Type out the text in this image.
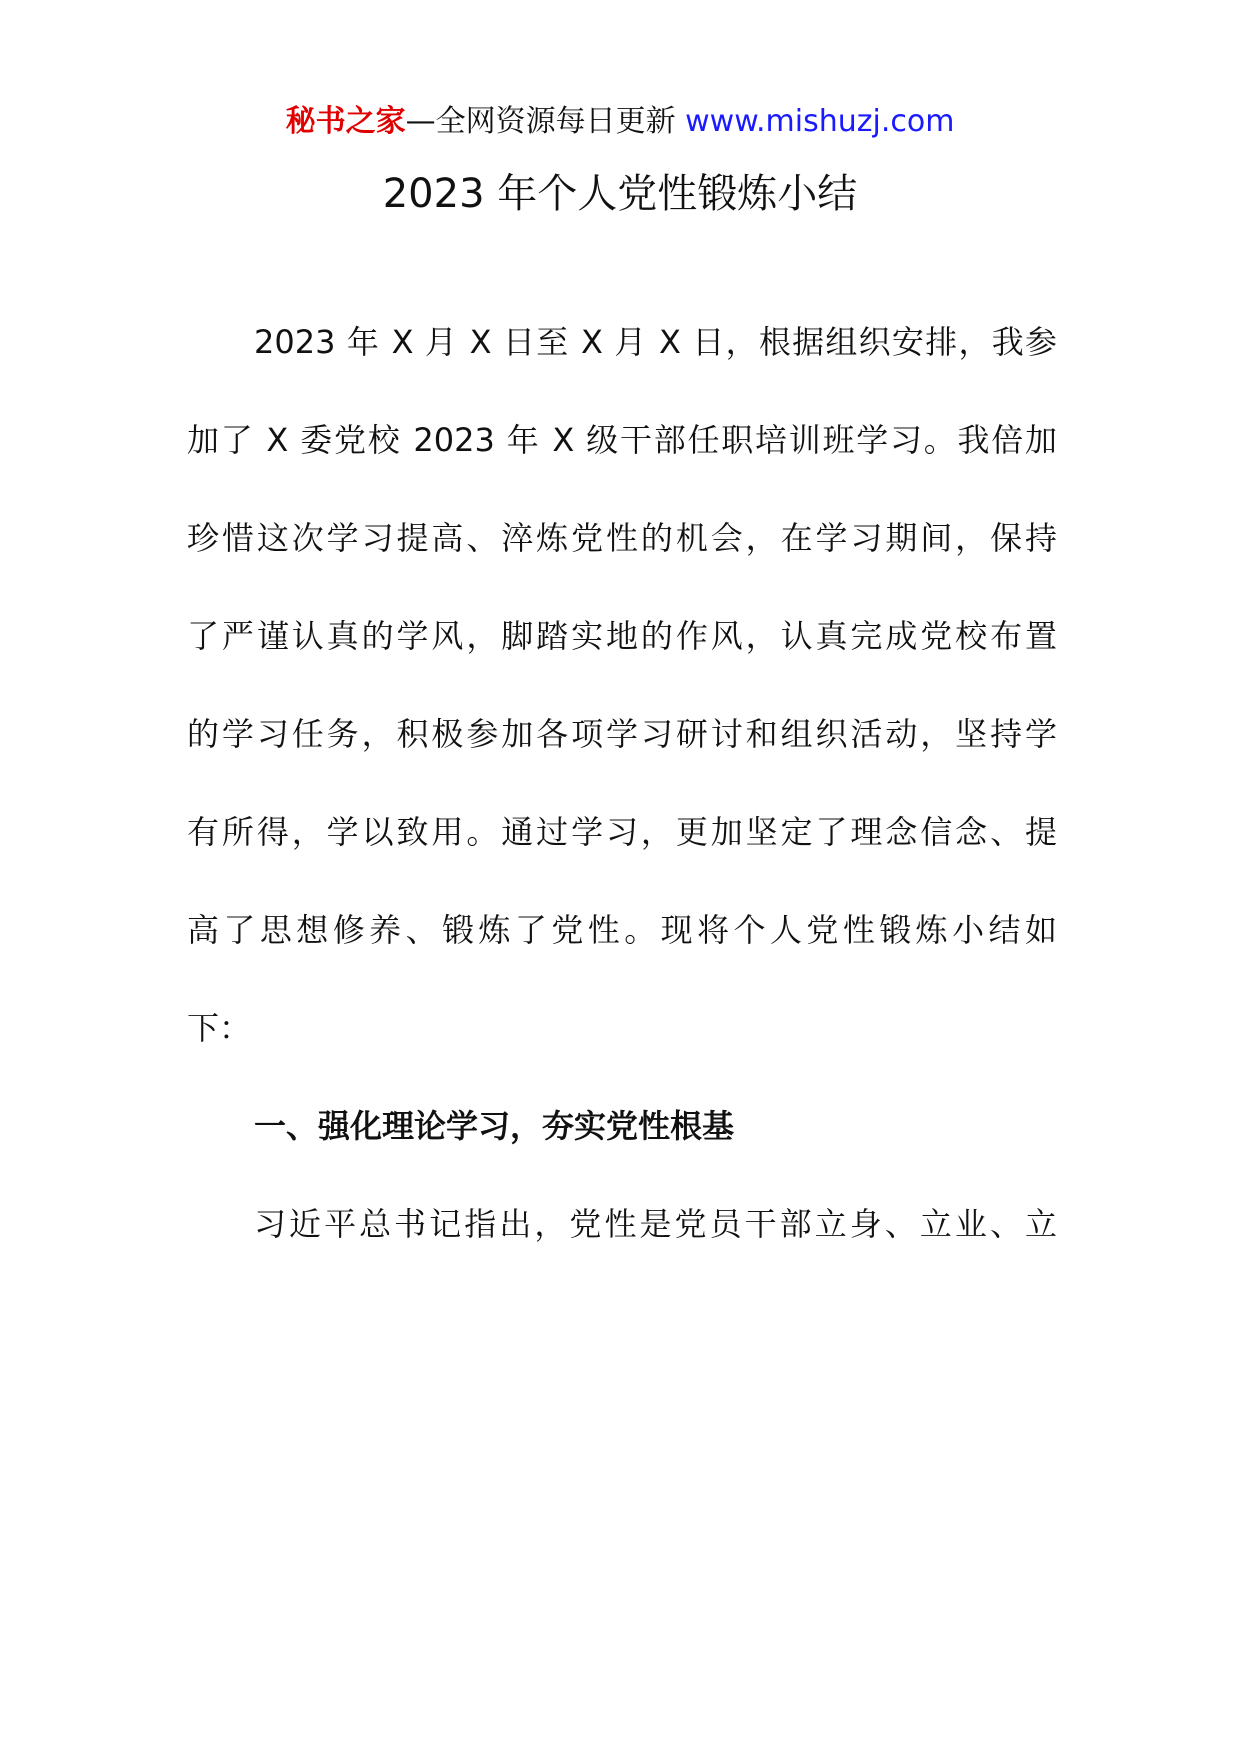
秘书之家—全网资源每日更新 www.mishuzj.com
2023 年个人党性锻炼小结
2023 年 X 月 X 日至 X 月 X 日，根据组织安排，我参
加了 X 委党校 2023 年 X 级干部任职培训班学习。我倍加
珍惜这次学习提高、淬炼党性的机会，在学习期间，保持
了严谨认真的学风，脚踏实地的作风，认真完成党校布置
的学习任务，积极参加各项学习研讨和组织活动，坚持学
有所得，学以致用。通过学习，更加坚定了理念信念、提
高了思想修养、锻炼了党性。现将个人党性锻炼小结如
下：
一、强化理论学习，夯实党性根基
习近平总书记指出，党性是党员干部立身、立业、立
